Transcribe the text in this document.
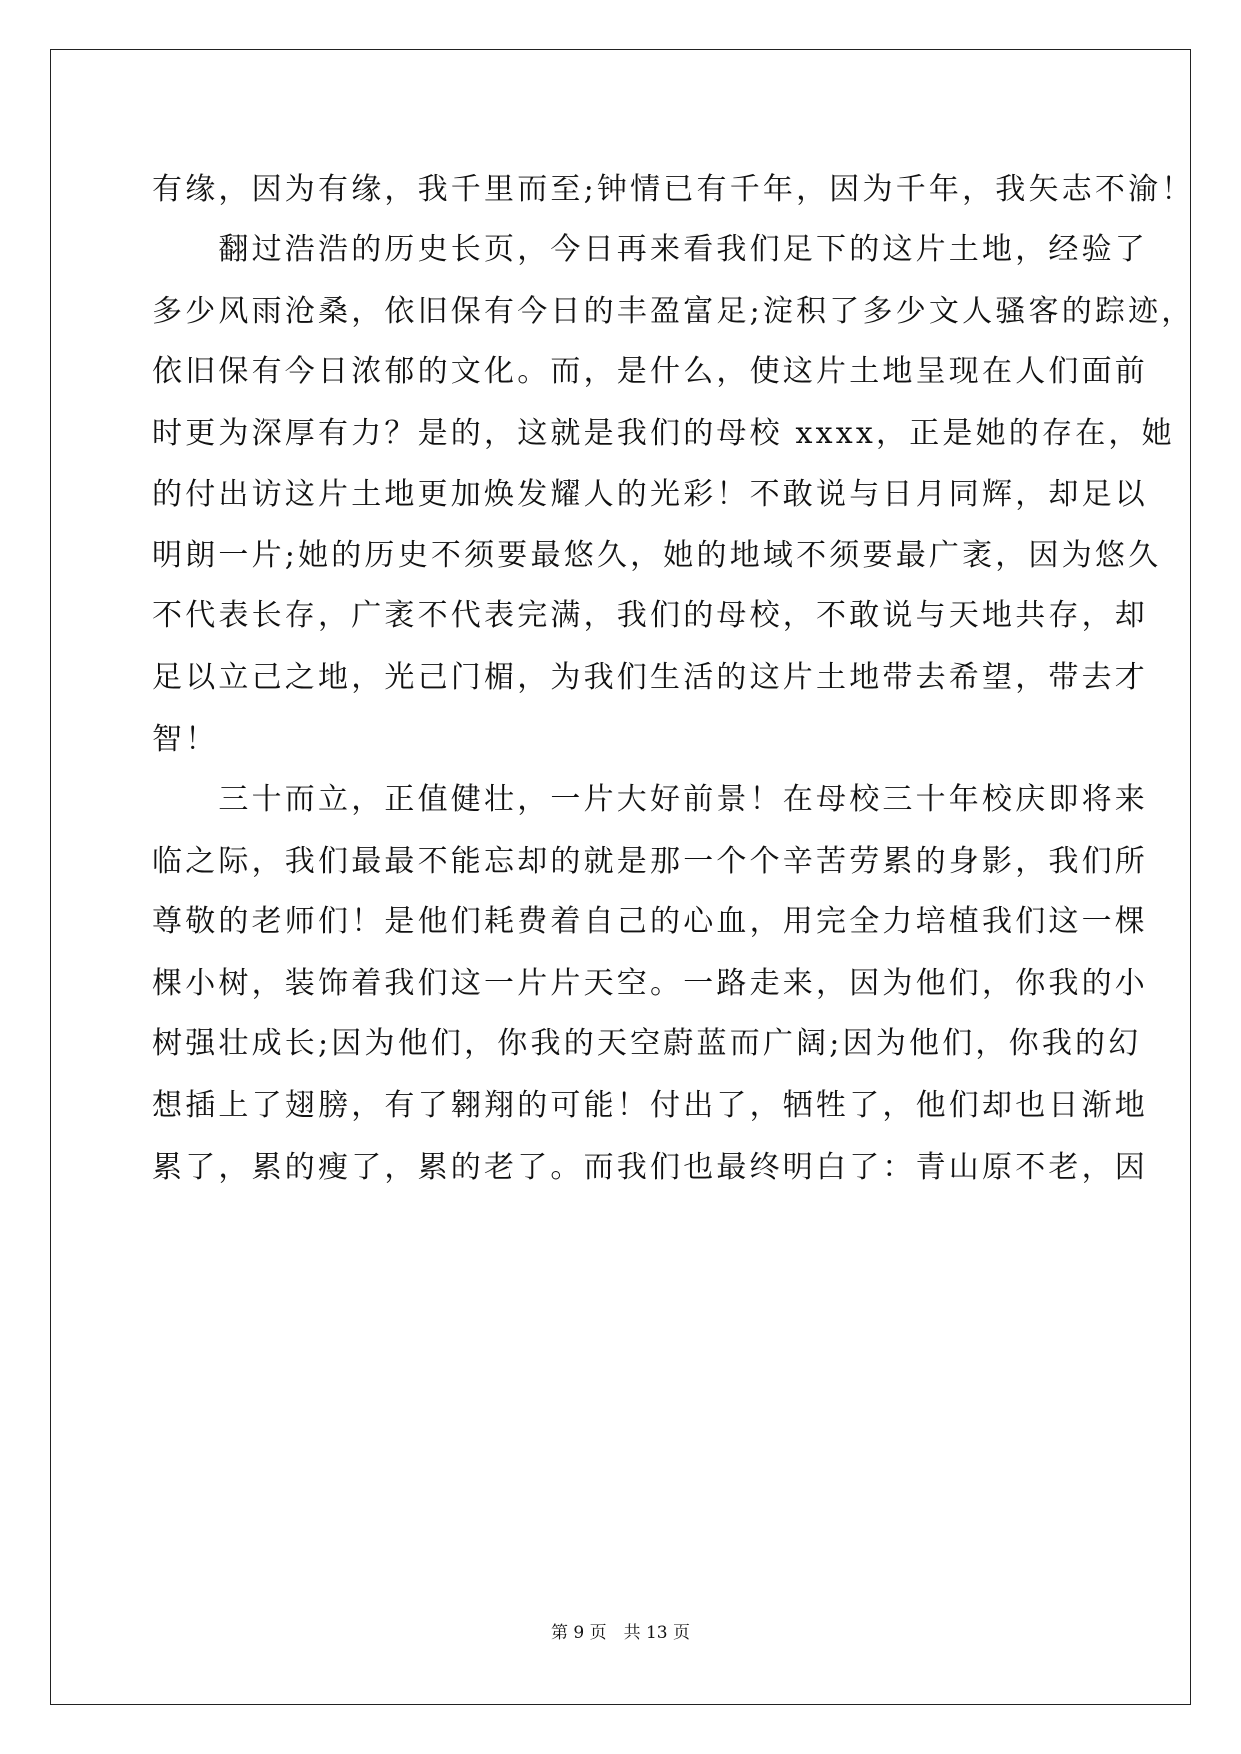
有缘，因为有缘，我千里而至;钟情已有千年，因为千年，我矢志不渝！
　　翻过浩浩的历史长页，今日再来看我们足下的这片土地，经验了
多少风雨沧桑，依旧保有今日的丰盈富足;淀积了多少文人骚客的踪迹，
依旧保有今日浓郁的文化。而，是什么，使这片土地呈现在人们面前
时更为深厚有力？是的，这就是我们的母校 xxxx，正是她的存在，她
的付出访这片土地更加焕发耀人的光彩！不敢说与日月同辉，却足以
明朗一片;她的历史不须要最悠久，她的地域不须要最广袤，因为悠久
不代表长存，广袤不代表完满，我们的母校，不敢说与天地共存，却
足以立己之地，光己门楣，为我们生活的这片土地带去希望，带去才
智！
　　三十而立，正值健壮，一片大好前景！在母校三十年校庆即将来
临之际，我们最最不能忘却的就是那一个个辛苦劳累的身影，我们所
尊敬的老师们！是他们耗费着自己的心血，用完全力培植我们这一棵
棵小树，装饰着我们这一片片天空。一路走来，因为他们，你我的小
树强壮成长;因为他们，你我的天空蔚蓝而广阔;因为他们，你我的幻
想插上了翅膀，有了翱翔的可能！付出了，牺牲了，他们却也日渐地
累了，累的瘦了，累的老了。而我们也最终明白了：青山原不老，因
第 9 页　共 13 页
